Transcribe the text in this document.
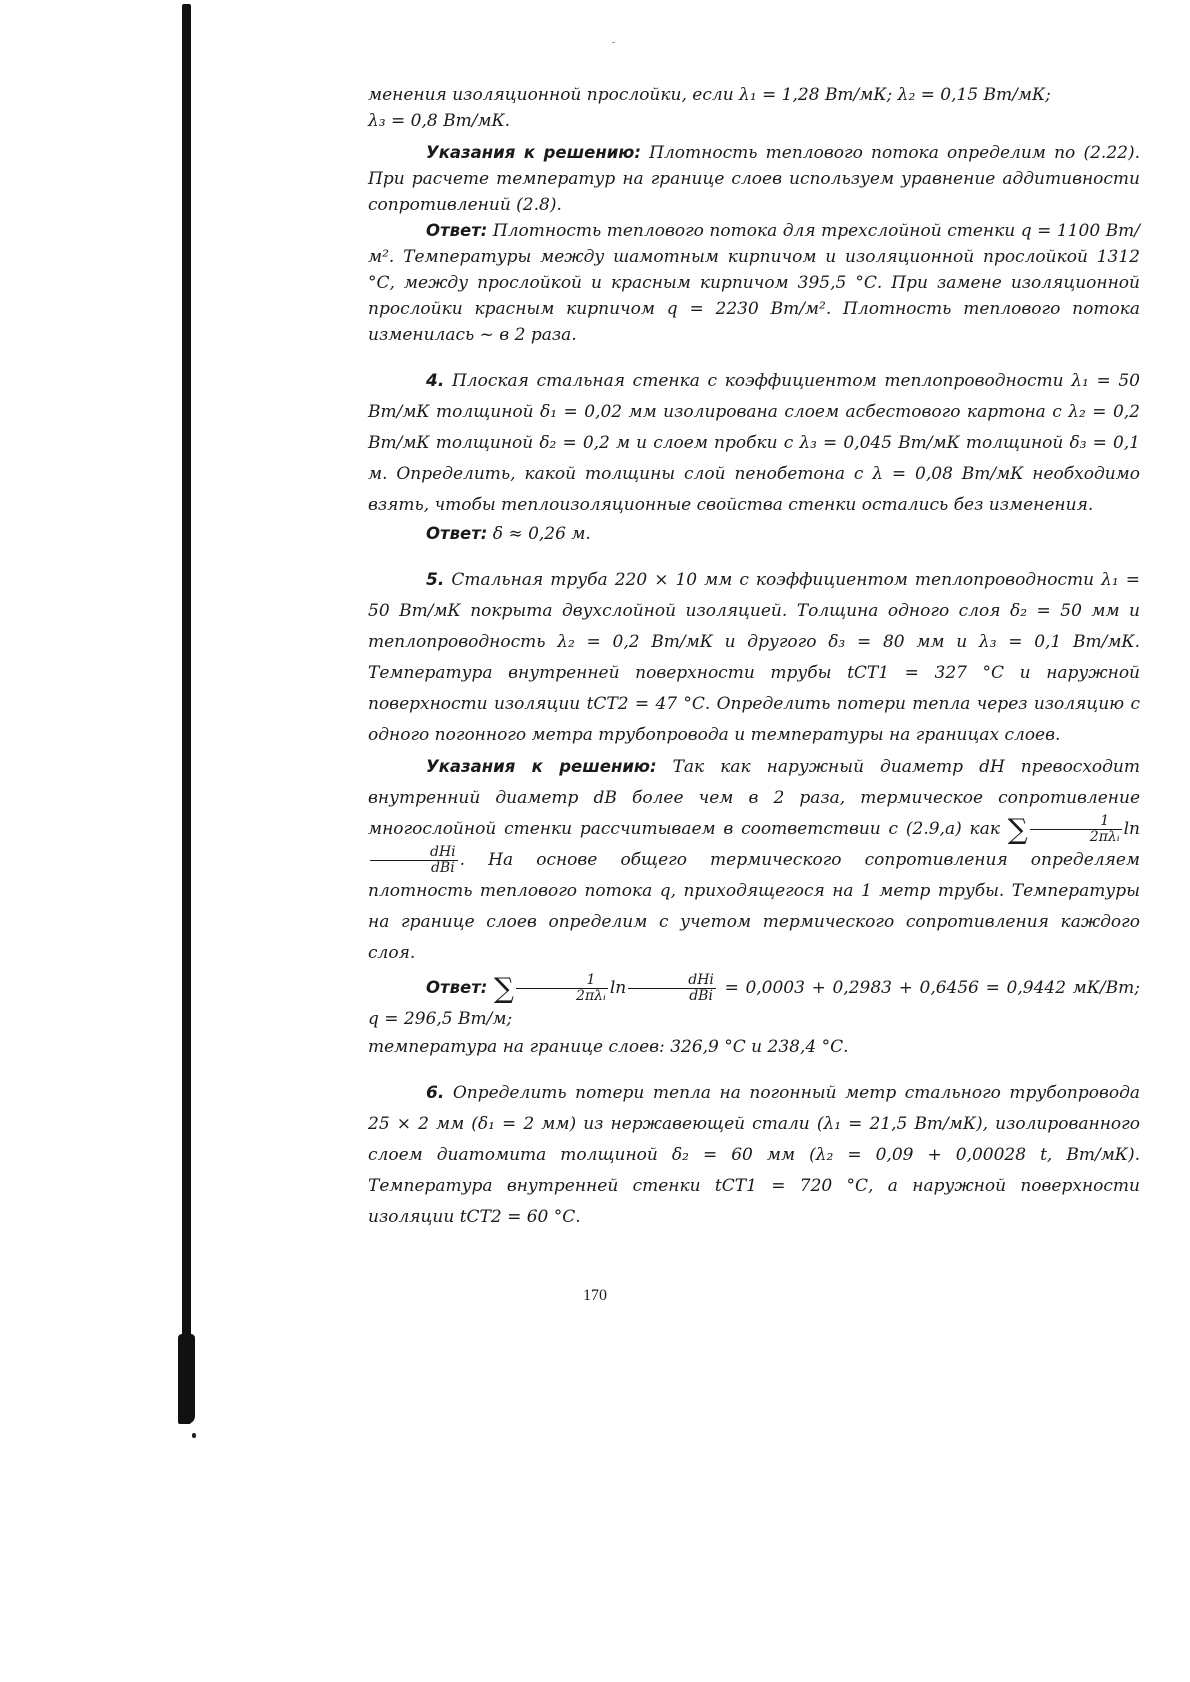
менения изоляционной прослойки, если λ₁ = 1,28 Вт/мК; λ₂ = 0,15 Вт/мК;

λ₃ = 0,8 Вт/мК.

Указания к решению: Плотность теплового потока определим по (2.22). При расчете температур на границе слоев используем уравнение аддитивности сопротивлений (2.8).

Ответ: Плотность теплового потока для трехслойной стенки q = 1100 Вт/м². Температуры между шамотным кирпичом и изоляционной прослойкой 1312 °С, между прослойкой и красным кирпичом 395,5 °С. При замене изоляционной прослойки красным кирпичом q = 2230 Вт/м². Плотность теплового потока изменилась ~ в 2 раза.

4. Плоская стальная стенка с коэффициентом теплопроводности λ₁ = 50 Вт/мК толщиной δ₁ = 0,02 мм изолирована слоем асбестового картона с λ₂ = 0,2 Вт/мК толщиной δ₂ = 0,2 м и слоем пробки с λ₃ = 0,045 Вт/мК толщиной δ₃ = 0,1 м. Определить, какой толщины слой пенобетона с λ = 0,08 Вт/мК необходимо взять, чтобы теплоизоляционные свойства стенки остались без изменения.

Ответ: δ ≈ 0,26 м.

5. Стальная труба 220 × 10 мм с коэффициентом теплопроводности λ₁ = 50 Вт/мК покрыта двухслойной изоляцией. Толщина одного слоя δ₂ = 50 мм и теплопроводность λ₂ = 0,2 Вт/мК и другого δ₃ = 80 мм и λ₃ = 0,1 Вт/мК. Температура внутренней поверхности трубы tСТ1 = 327 °С и наружной поверхности изоляции tСТ2 = 47 °С. Определить потери тепла через изоляцию с одного погонного метра трубопровода и температуры на границах слоев.

Указания к решению: Так как наружный диаметр dН превосходит внутренний диаметр dВ более чем в 2 раза, термическое сопротивление многослойной стенки рассчитываем в соответствии с (2.9,а) как ∑ $\frac{1}{\text{2πλᵢ}}$ ln
$\frac{\text{dHi}}{\text{dBi}}$ . На основе общего термического сопротивления определяем плотность теплового потока q, приходящегося на 1 метр трубы. Температуры на границе слоев определим с учетом термического сопротивления каждого слоя.

Ответ: ∑ $\frac{1}{\text{2πλᵢ}}$ $\ln \frac{\text{dHi}}{\text{dBi}} = 0,0003 + 0,2983 + 0,6456 = 0,9442$ мК/Вт; q = 296,5 Вт/м;

температура на границе слоев: 326,9 °С и 238,4 °С.

6. Определить потери тепла на погонный метр стального трубопровода 25 × 2 мм (δ₁ = 2 мм) из нержавеющей стали (λ₁ = 21,5 Вт/мК), изолированного слоем диатомита толщиной δ₂ = 60 мм (λ₂ = 0,09 + 0,00028 t, Вт/мК). Температура внутренней стенки tСТ1 = 720 °С, а наружной поверхности изоляции tСТ2 = 60 °С.

170
